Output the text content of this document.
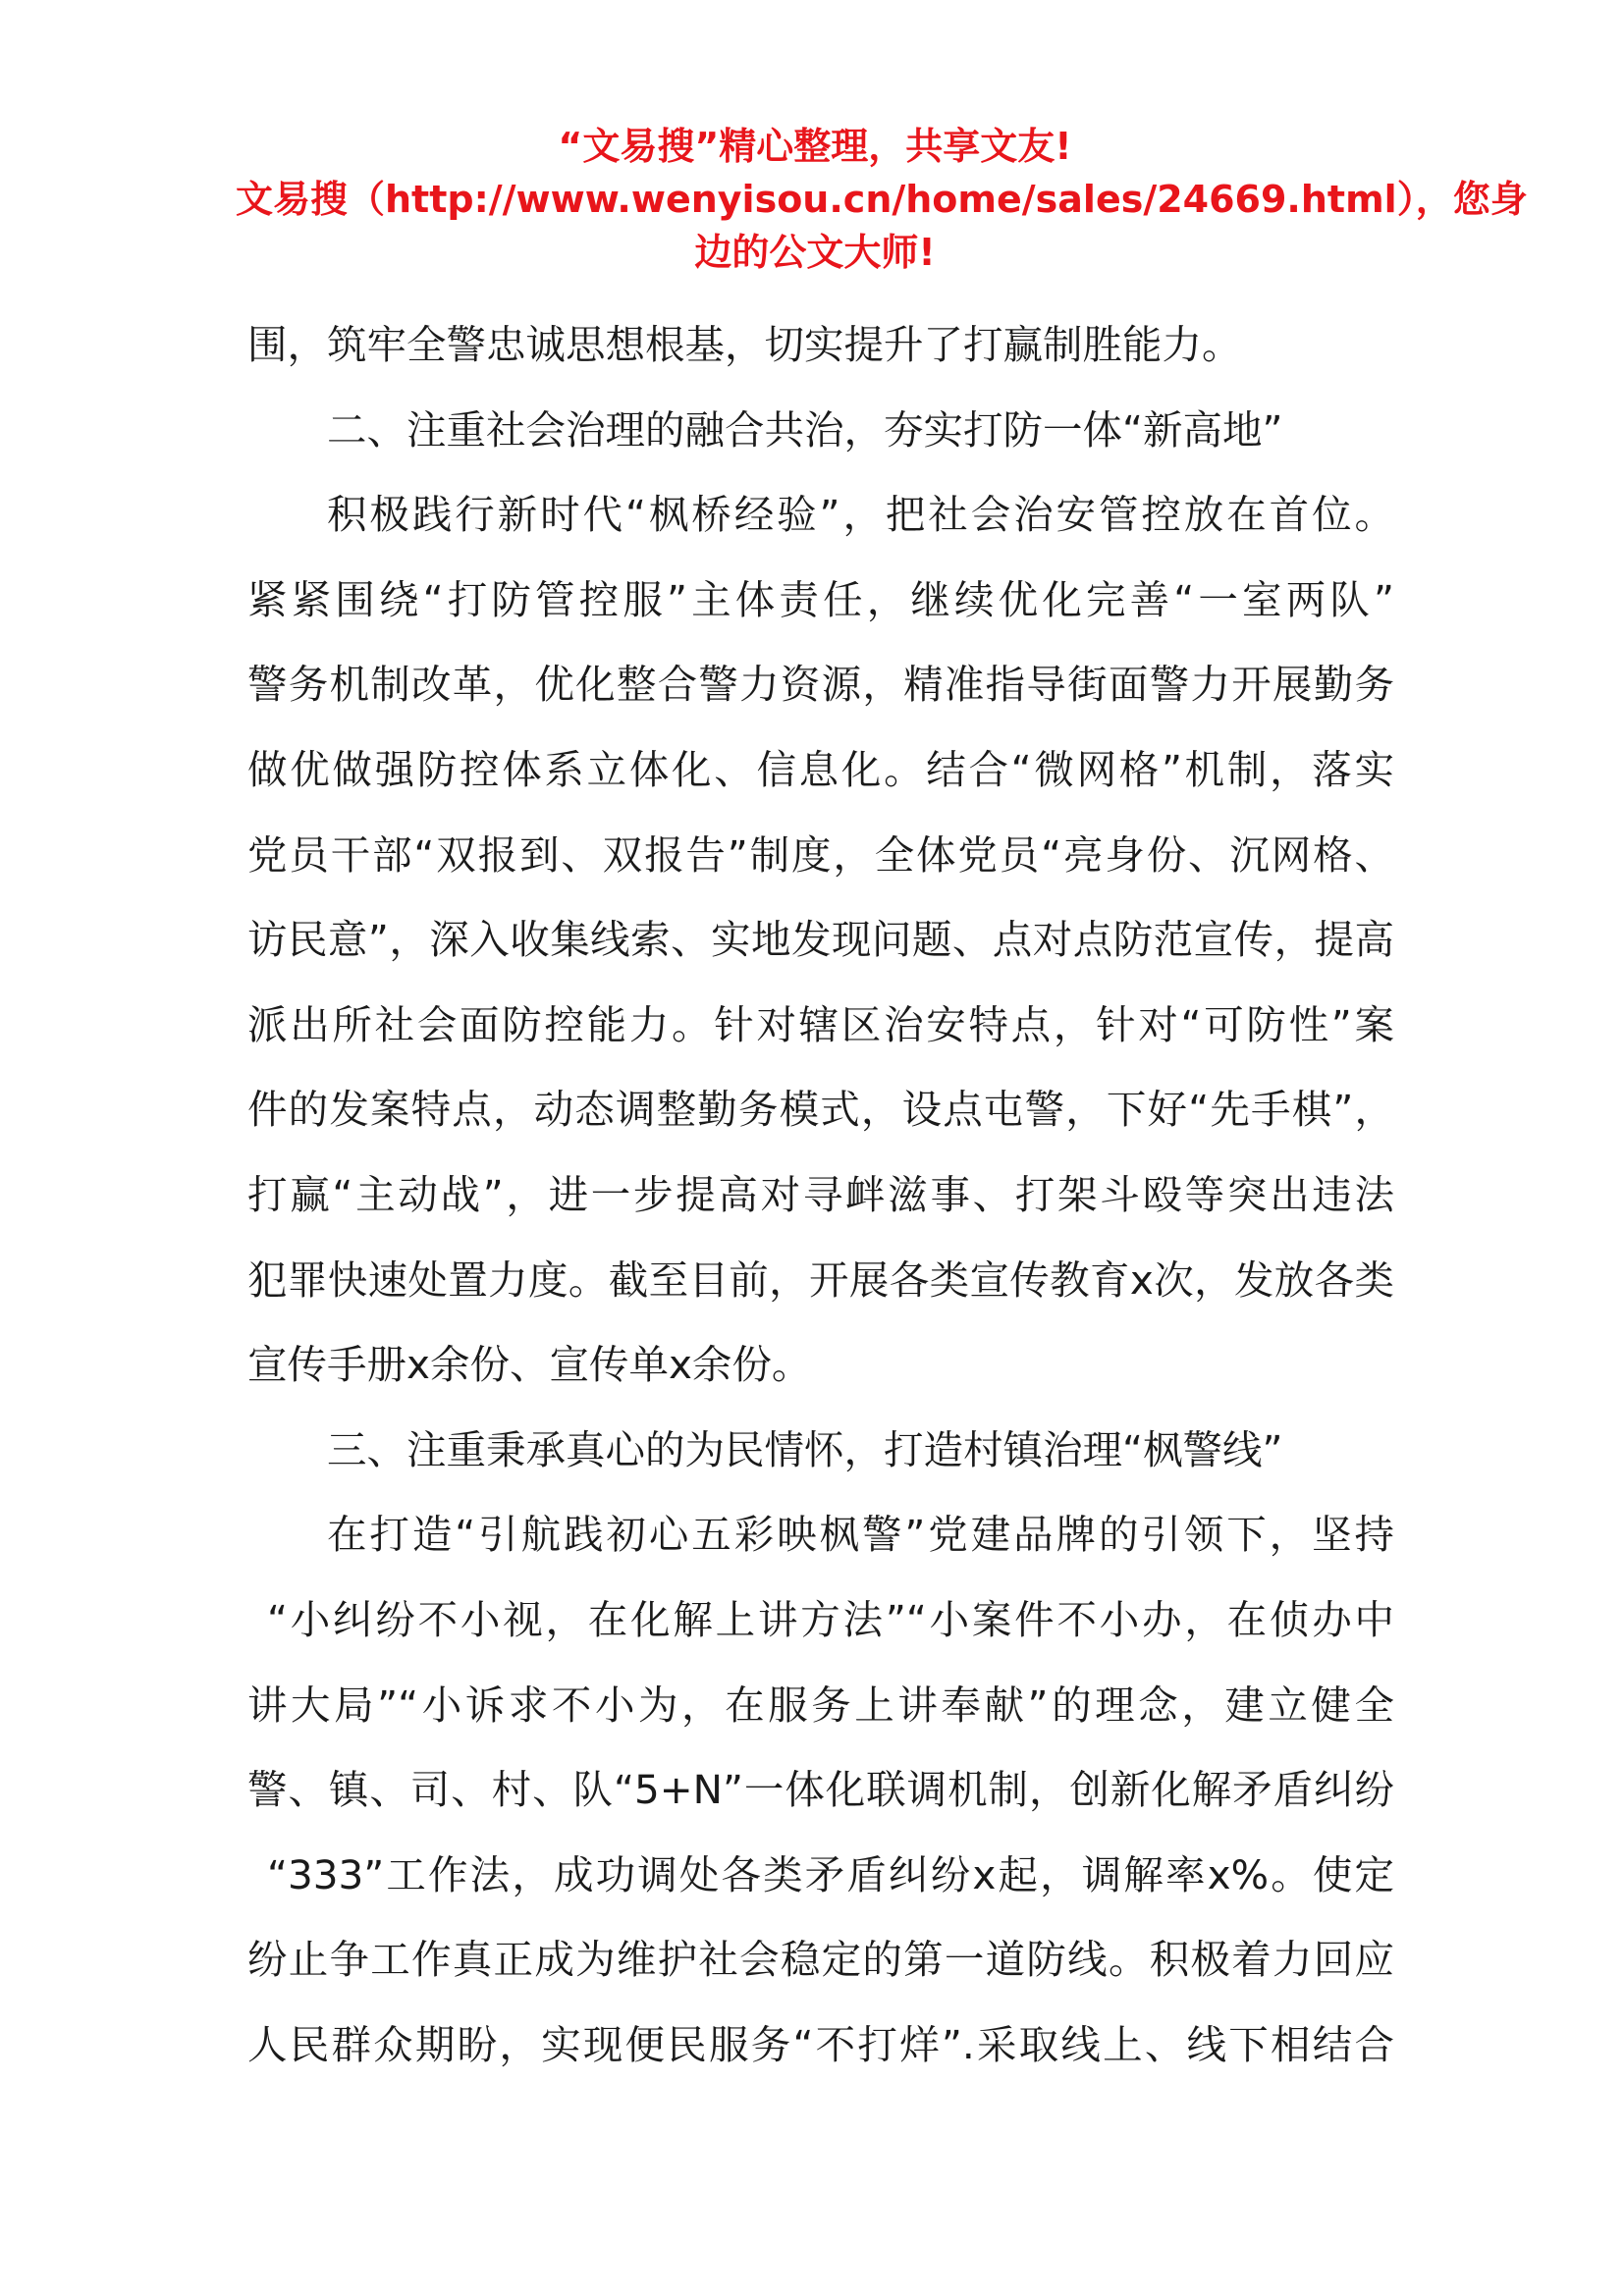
“文易搜”精心整理，共享文友!
文易搜（http://www.wenyisou.cn/home/sales/24669.html），您身
边的公文大师!
围，筑牢全警忠诚思想根基，切实提升了打赢制胜能力。
二、注重社会治理的融合共治，夯实打防一体“新高地”
积极践行新时代“枫桥经验”，把社会治安管控放在首位。
紧紧围绕“打防管控服”主体责任，继续优化完善“一室两队”
警务机制改革，优化整合警力资源，精准指导街面警力开展勤务
做优做强防控体系立体化、信息化。结合“微网格”机制，落实
党员干部“双报到、双报告”制度，全体党员“亮身份、沉网格、
访民意”，深入收集线索、实地发现问题、点对点防范宣传，提高
派出所社会面防控能力。针对辖区治安特点，针对“可防性”案
件的发案特点，动态调整勤务模式，设点屯警，下好“先手棋”，
打赢“主动战”，进一步提高对寻衅滋事、打架斗殴等突出违法
犯罪快速处置力度。截至目前，开展各类宣传教育x次，发放各类
宣传手册x余份、宣传单x余份。
三、注重秉承真心的为民情怀，打造村镇治理“枫警线”
在打造“引航践初心五彩映枫警”党建品牌的引领下，坚持
“小纠纷不小视，在化解上讲方法”“小案件不小办，在侦办中
讲大局”“小诉求不小为，在服务上讲奉献”的理念，建立健全
警、镇、司、村、队“5+N”一体化联调机制，创新化解矛盾纠纷
“333”工作法，成功调处各类矛盾纠纷x起，调解率x%。使定
纷止争工作真正成为维护社会稳定的第一道防线。积极着力回应
人民群众期盼，实现便民服务“不打烊”.采取线上、线下相结合
